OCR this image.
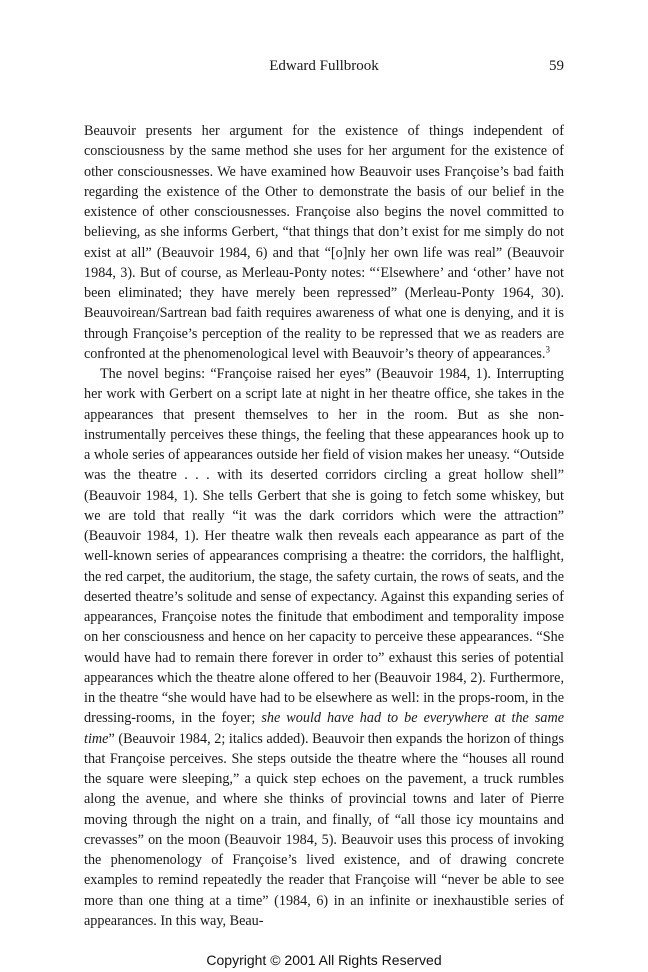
Edward Fullbrook	59

Beauvoir presents her argument for the existence of things independent of consciousness by the same method she uses for her argument for the existence of other consciousnesses. We have examined how Beauvoir uses Françoise’s bad faith regarding the existence of the Other to demonstrate the basis of our belief in the existence of other consciousnesses. Françoise also begins the novel committed to believing, as she informs Gerbert, “that things that don’t exist for me simply do not exist at all” (Beauvoir 1984, 6) and that “[o]nly her own life was real” (Beauvoir 1984, 3). But of course, as Merleau-Ponty notes: “‘Elsewhere’ and ‘other’ have not been eliminated; they have merely been repressed” (Merleau-Ponty 1964, 30). Beauvoirean/Sartrean bad faith requires awareness of what one is denying, and it is through Françoise’s perception of the reality to be repressed that we as readers are confronted at the phenomenological level with Beauvoir’s theory of appearances.$^3$

The novel begins: “Françoise raised her eyes” (Beauvoir 1984, 1). Interrupting her work with Gerbert on a script late at night in her theatre office, she takes in the appearances that present themselves to her in the room. But as she non-instrumentally perceives these things, the feeling that these appearances hook up to a whole series of appearances outside her field of vision makes her uneasy. “Outside was the theatre . . . with its deserted corridors circling a great hollow shell” (Beauvoir 1984, 1). She tells Gerbert that she is going to fetch some whiskey, but we are told that really “it was the dark corridors which were the attraction” (Beauvoir 1984, 1). Her theatre walk then reveals each appearance as part of the well-known series of appearances comprising a theatre: the corridors, the halflight, the red carpet, the auditorium, the stage, the safety curtain, the rows of seats, and the deserted theatre’s solitude and sense of expectancy. Against this expanding series of appearances, Françoise notes the finitude that embodiment and temporality impose on her consciousness and hence on her capacity to perceive these appearances. “She would have had to remain there forever in order to” exhaust this series of potential appearances which the theatre alone offered to her (Beauvoir 1984, 2). Furthermore, in the theatre “she would have had to be elsewhere as well: in the props-room, in the dressing-rooms, in the foyer; she would have had to be everywhere at the same time” (Beauvoir 1984, 2; italics added). Beauvoir then expands the horizon of things that Françoise perceives. She steps outside the theatre where the “houses all round the square were sleeping,” a quick step echoes on the pavement, a truck rumbles along the avenue, and where she thinks of provincial towns and later of Pierre moving through the night on a train, and finally, of “all those icy mountains and crevasses” on the moon (Beauvoir 1984, 5). Beauvoir uses this process of invoking the phenomenology of Françoise’s lived existence, and of drawing concrete examples to remind repeatedly the reader that Françoise will “never be able to see more than one thing at a time” (1984, 6) in an infinite or inexhaustible series of appearances. In this way, Beau-

Copyright © 2001 All Rights Reserved
